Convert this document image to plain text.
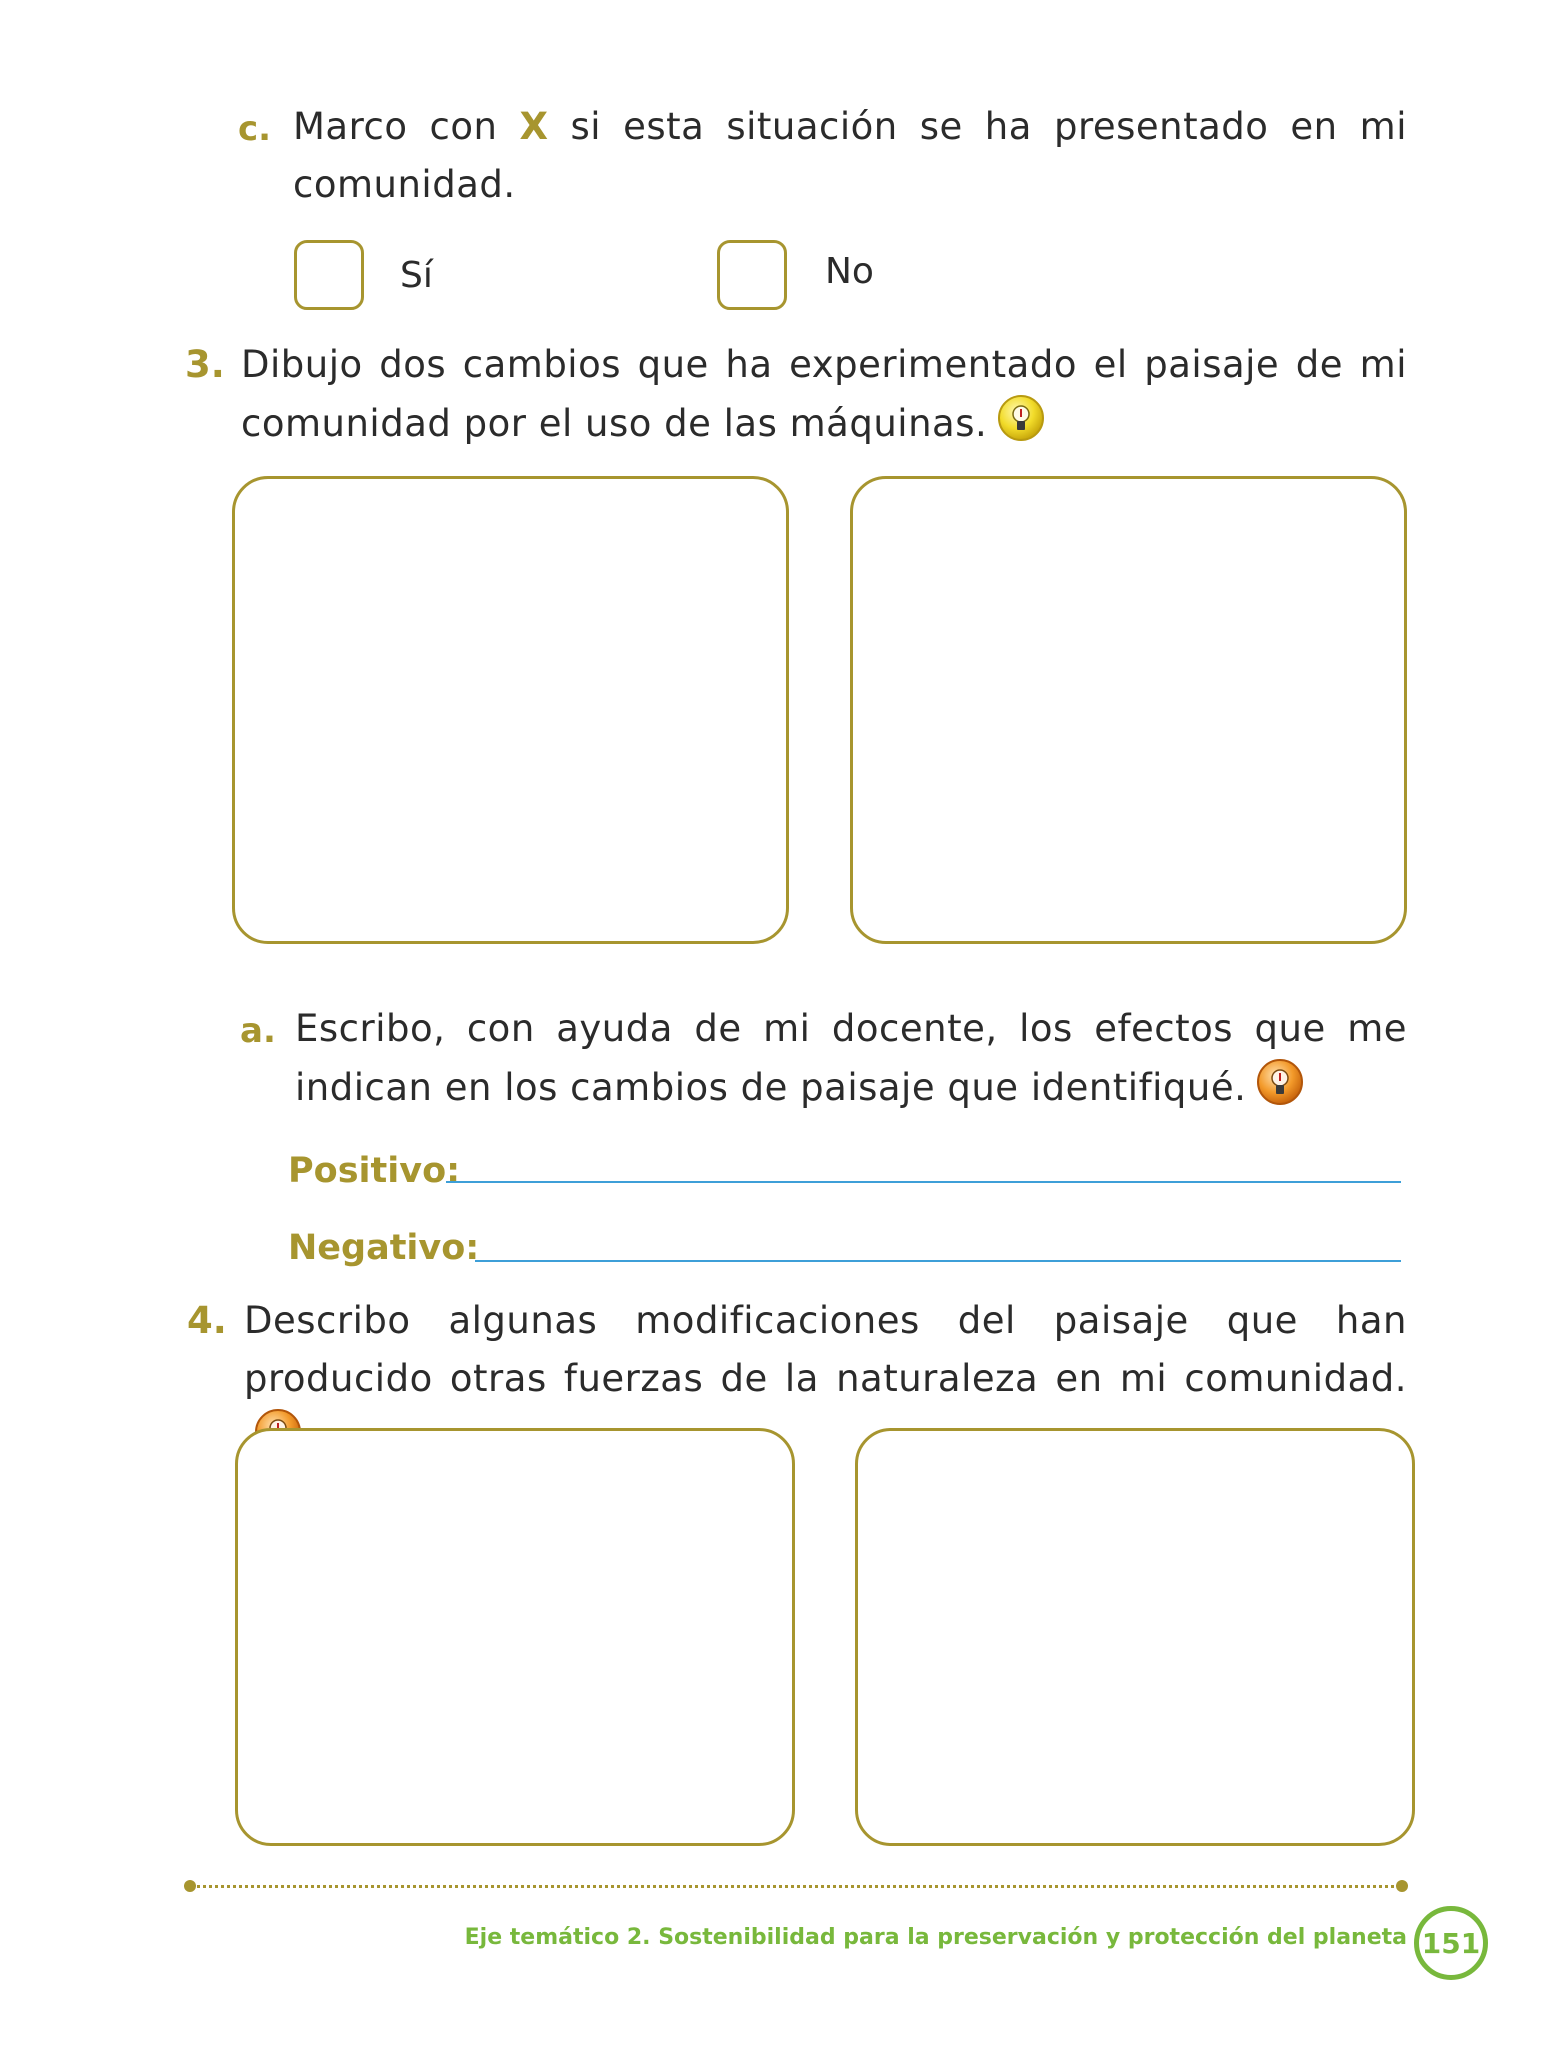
c. Marco con X si esta situación se ha presentado en mi comunidad.
Sí	No
3. Dibujo dos cambios que ha experimentado el paisaje de mi comunidad por el uso de las máquinas.
a. Escribo, con ayuda de mi docente, los efectos que me indican en los cambios de paisaje que identifiqué.
Positivo:
Negativo:
4. Describo algunas modificaciones del paisaje que han producido otras fuerzas de la naturaleza en mi comunidad.
Eje temático 2. Sostenibilidad para la preservación y protección del planeta 151
